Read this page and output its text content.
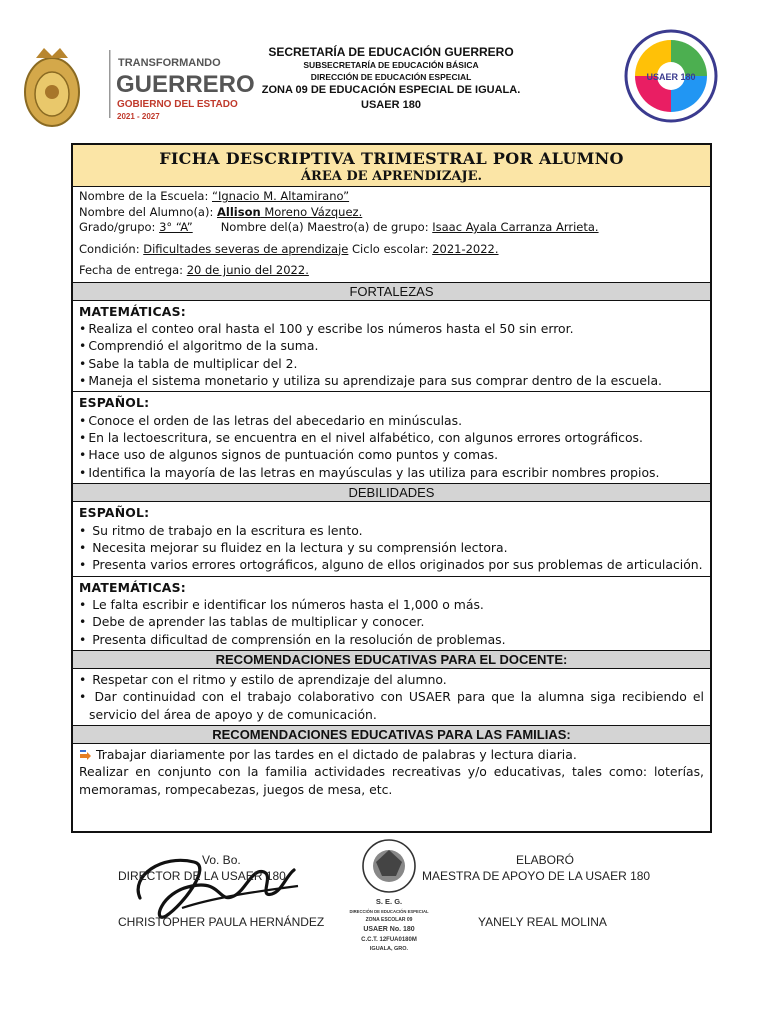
TRANSFORMANDO
GUERRERO
GOBIERNO DEL ESTADO
2021 - 2027
SECRETARÍA DE EDUCACIÓN GUERRERO
SUBSECRETARÍA DE EDUCACIÓN BÁSICA
DIRECCIÓN DE EDUCACIÓN ESPECIAL
ZONA 09 DE EDUCACIÓN ESPECIAL DE IGUALA.
USAER 180
USAER 180
FICHA DESCRIPTIVA TRIMESTRAL POR ALUMNO
ÁREA DE APRENDIZAJE.
Nombre de la Escuela: “Ignacio M. Altamirano”
Nombre del Alumno(a): Allison Moreno Vázquez.
Grado/grupo: 3° “A” Nombre del(a) Maestro(a) de grupo: Isaac Ayala Carranza Arrieta.
Condición: Dificultades severas de aprendizaje Ciclo escolar: 2021-2022.
Fecha de entrega: 20 de junio del 2022.
FORTALEZAS
MATEMÁTICAS:
• Realiza el conteo oral hasta el 100 y escribe los números hasta el 50 sin error.
• Comprendió el algoritmo de la suma.
• Sabe la tabla de multiplicar del 2.
• Maneja el sistema monetario y utiliza su aprendizaje para sus comprar dentro de la escuela.
ESPAÑOL:
• Conoce el orden de las letras del abecedario en minúsculas.
• En la lectoescritura, se encuentra en el nivel alfabético, con algunos errores ortográficos.
• Hace uso de algunos signos de puntuación como puntos y comas.
• Identifica la mayoría de las letras en mayúsculas y las utiliza para escribir nombres propios.
DEBILIDADES
ESPAÑOL:
• Su ritmo de trabajo en la escritura es lento.
• Necesita mejorar su fluidez en la lectura y su comprensión lectora.
• Presenta varios errores ortográficos, alguno de ellos originados por sus problemas de articulación.
MATEMÁTICAS:
• Le falta escribir e identificar los números hasta el 1,000 o más.
• Debe de aprender las tablas de multiplicar y conocer.
• Presenta dificultad de comprensión en la resolución de problemas.
RECOMENDACIONES EDUCATIVAS PARA EL DOCENTE:
• Respetar con el ritmo y estilo de aprendizaje del alumno.
• Dar continuidad con el trabajo colaborativo con USAER para que la alumna siga recibiendo el servicio del área de apoyo y de comunicación.
RECOMENDACIONES EDUCATIVAS PARA LAS FAMILIAS:
Trabajar diariamente por las tardes en el dictado de palabras y lectura diaria.
Realizar en conjunto con la familia actividades recreativas y/o educativas, tales como: loterías, memoramas, rompecabezas, juegos de mesa, etc.
S. E. G.
DIRECCIÓN DE EDUCACIÓN ESPECIAL
ZONA ESCOLAR 09
USAER No. 180
C.C.T. 12FUA0180M
IGUALA, GRO.
Vo. Bo.
DIRECTOR DE LA USAER 180
CHRISTOPHER PAULA HERNÁNDEZ
ELABORÓ
MAESTRA DE APOYO DE LA USAER 180
YANELY REAL MOLINA
